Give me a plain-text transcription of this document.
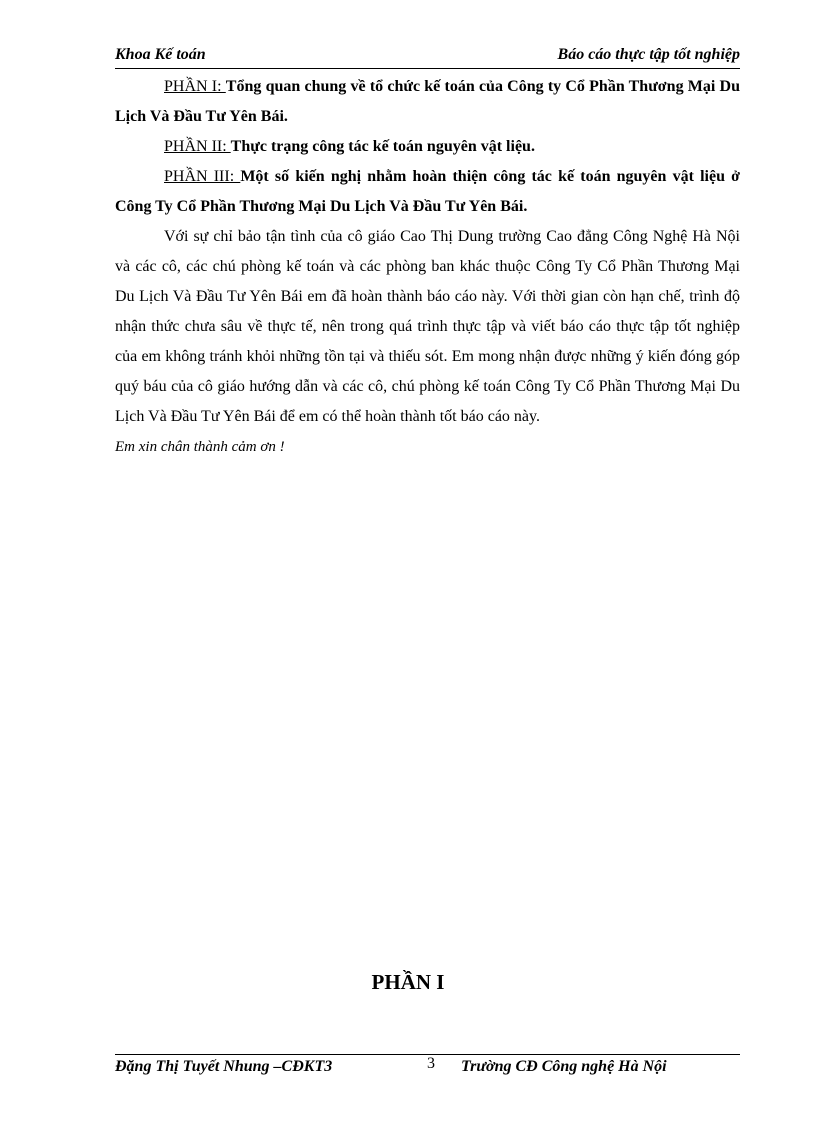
Khoa Kế toán	Báo cáo thực tập tốt nghiệp

PHẦN I: Tổng quan chung về tổ chức kế toán của Công ty Cổ Phần Thương Mại Du Lịch Và Đầu Tư Yên Bái.

PHẦN II: Thực trạng công tác kế toán nguyên vật liệu.

PHẦN III: Một số kiến nghị nhằm hoàn thiện công tác kế toán nguyên vật liệu ở Công Ty Cổ Phần Thương Mại Du Lịch Và Đầu Tư Yên Bái.

Với sự chỉ bảo tận tình của cô giáo Cao Thị Dung trường Cao đẳng Công Nghệ Hà Nội và các cô, các chú phòng kế toán và các phòng ban khác thuộc Công Ty Cổ Phần Thương Mại Du Lịch Và Đầu Tư Yên Bái em đã hoàn thành báo cáo này. Với thời gian còn hạn chế, trình độ nhận thức chưa sâu về thực tế, nên trong quá trình thực tập và viết báo cáo thực tập tốt nghiệp của em không tránh khỏi những tồn tại và thiếu sót. Em mong nhận được những ý kiến đóng góp quý báu của cô giáo hướng dẫn và các cô, chú phòng kế toán Công Ty Cổ Phần Thương Mại Du Lịch Và Đầu Tư Yên Bái để em có thể hoàn thành tốt báo cáo này.

Em xin chân thành cảm ơn !

PHẦN I
Đặng Thị Tuyết Nhung –CĐKT3	3 Trường CĐ Công nghệ Hà Nội
